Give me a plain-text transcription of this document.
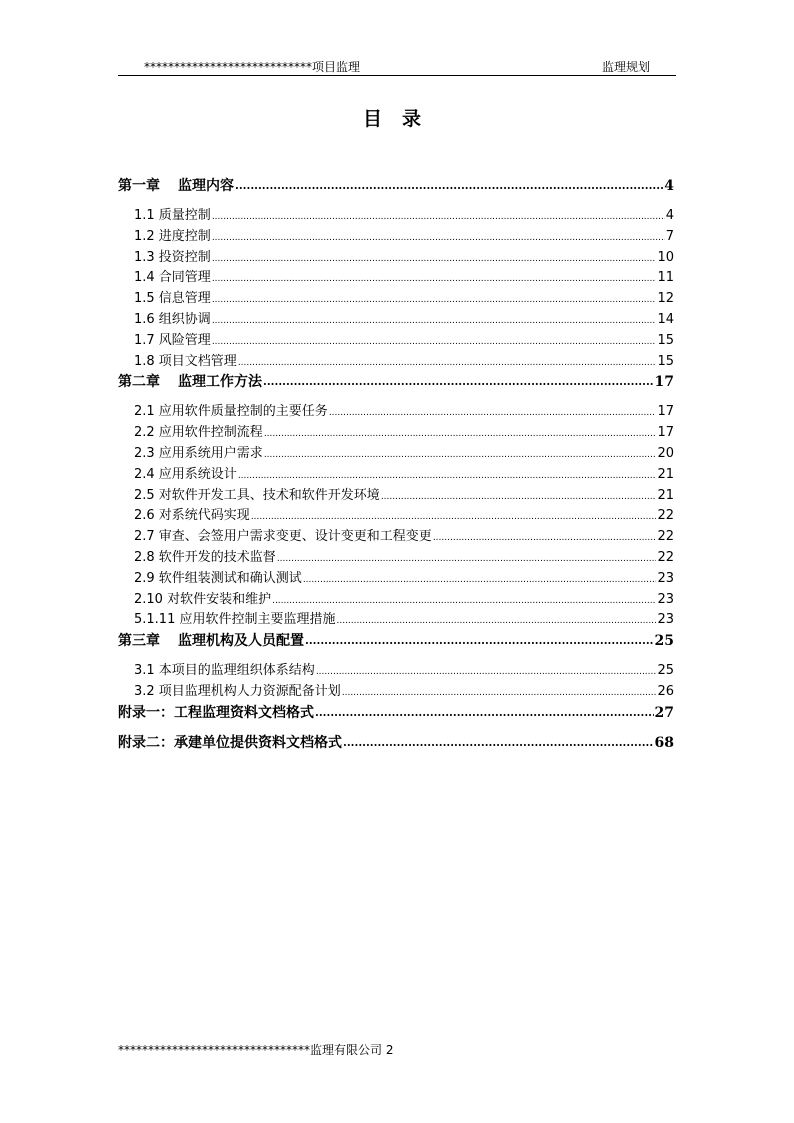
****************************项目监理	监理规划
目录
第一章 监理内容 .....	4
1.1 质量控制 .....	4
1.2 进度控制 .....	7
1.3 投资控制 .....	10
1.4 合同管理 .....	11
1.5 信息管理 .....	12
1.6 组织协调 .....	14
1.7 风险管理 .....	15
1.8 项目文档管理 .....	15
第二章 监理工作方法 .....	17
2.1 应用软件质量控制的主要任务 .....	17
2.2 应用软件控制流程 .....	17
2.3 应用系统用户需求 .....	20
2.4 应用系统设计 .....	21
2.5 对软件开发工具、技术和软件开发环境 .....	21
2.6 对系统代码实现 .....	22
2.7 审查、会签用户需求变更、设计变更和工程变更 .....	22
2.8 软件开发的技术监督 .....	22
2.9 软件组装测试和确认测试 .....	23
2.10 对软件安装和维护 .....	23
5.1.11 应用软件控制主要监理措施 .....	23
第三章 监理机构及人员配置 .....	25
3.1 本项目的监理组织体系结构 .....	25
3.2 项目监理机构人力资源配备计划 .....	26
附录一：工程监理资料文档格式 .....	27
附录二：承建单位提供资料文档格式 .....	68
********************************监理有限公司 2
